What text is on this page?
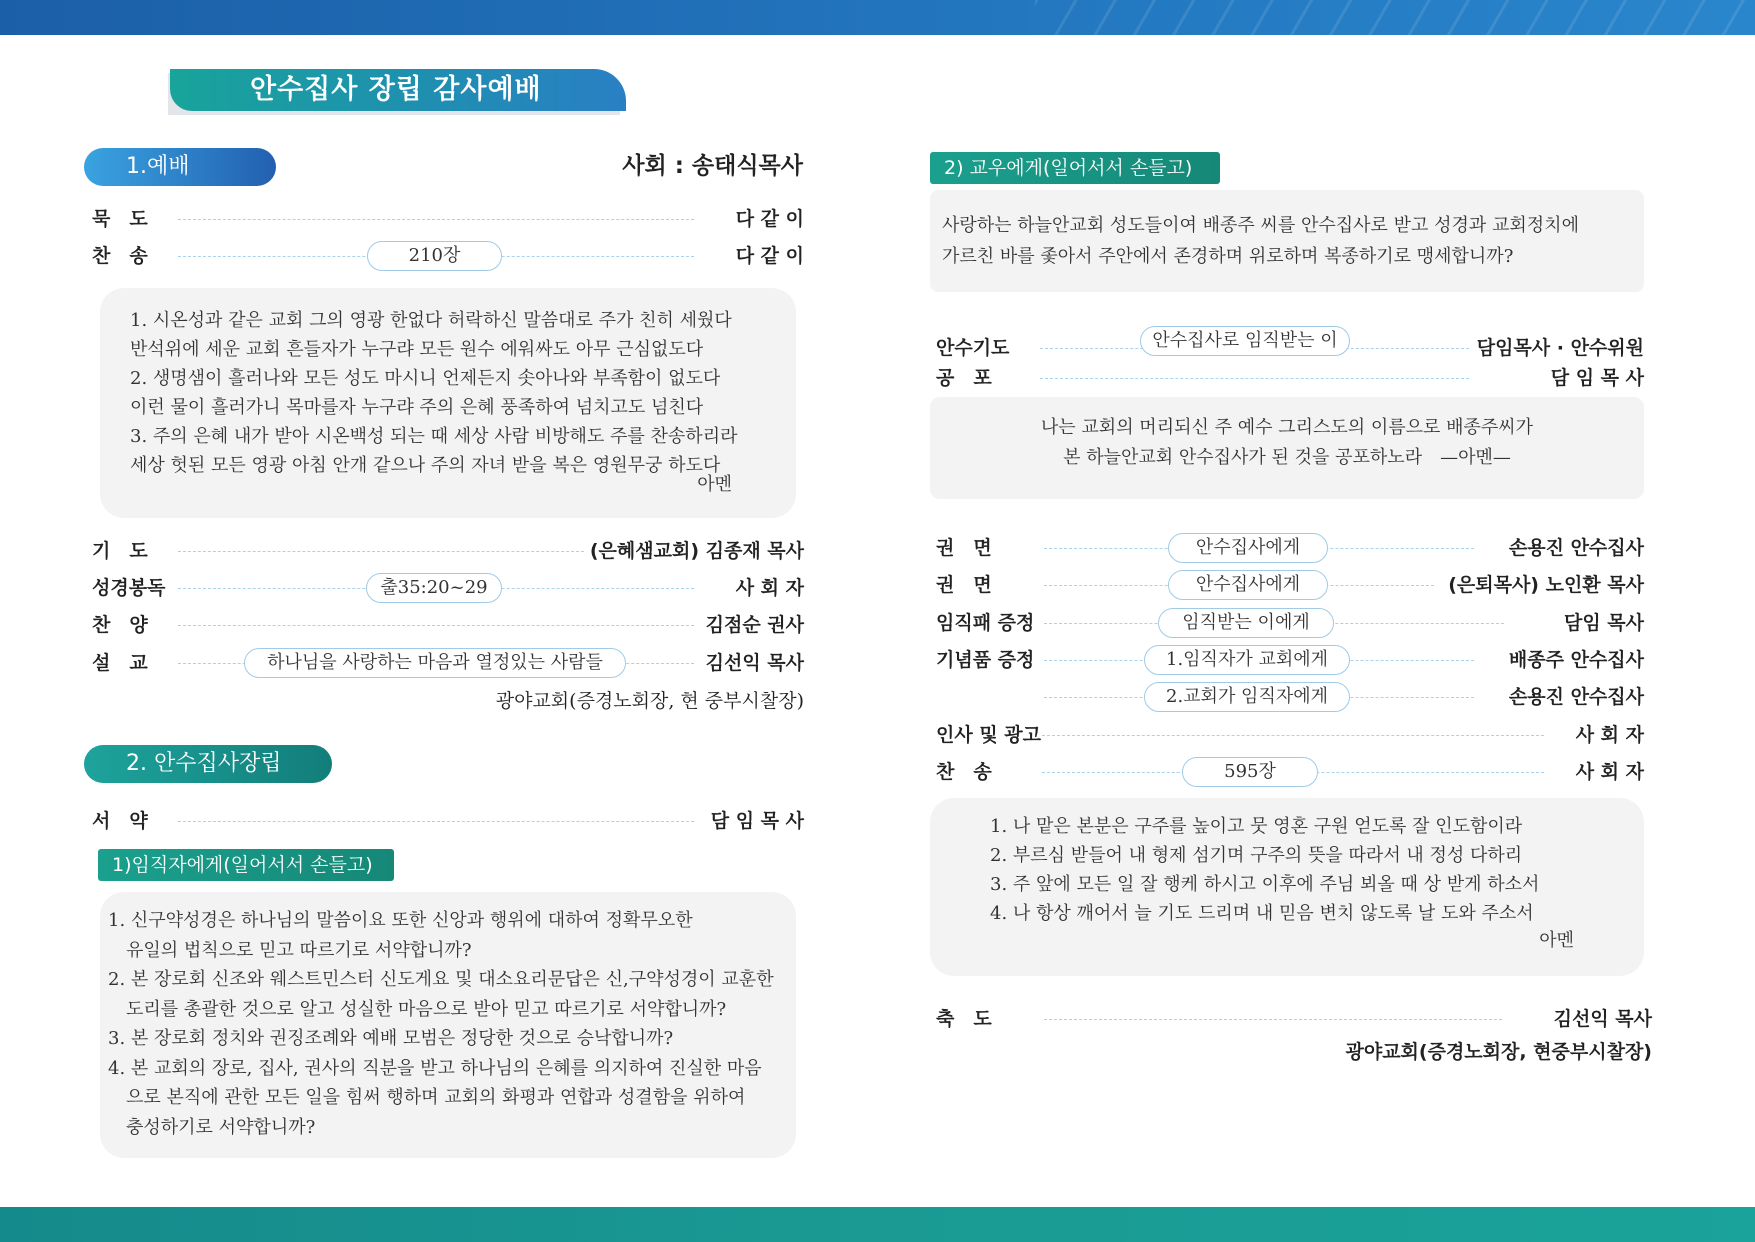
안수집사 장립 감사예배
1.예배	사회 : 송태식목사
묵　도	다 같 이
찬　송	210장	다 같 이
1. 시온성과 같은 교회 그의 영광 한없다 허락하신 말씀대로 주가 친히 세웠다
반석위에 세운 교회 흔들자가 누구랴 모든 원수 에워싸도 아무 근심없도다
2. 생명샘이 흘러나와 모든 성도 마시니 언제든지 솟아나와 부족함이 없도다
이런 물이 흘러가니 목마를자 누구랴 주의 은혜 풍족하여 넘치고도 넘친다
3. 주의 은혜 내가 받아 시온백성 되는 때 세상 사람 비방해도 주를 찬송하리라
세상 헛된 모든 영광 아침 안개 같으나 주의 자녀 받을 복은 영원무궁 하도다
아멘
기　도	(은혜샘교회) 김종재 목사
성경봉독	출35:20~29	사 회 자
찬　양	김점순 권사
설　교	하나님을 사랑하는 마음과 열정있는 사람들	김선익 목사
광야교회(증경노회장, 현 중부시찰장)
2. 안수집사장립
서　약	담 임 목 사
1)임직자에게(일어서서 손들고)
1. 신구약성경은 하나님의 말씀이요 또한 신앙과 행위에 대하여 정확무오한
　유일의 법칙으로 믿고 따르기로 서약합니까?
2. 본 장로회 신조와 웨스트민스터 신도게요 및 대소요리문답은 신,구약성경이 교훈한
　도리를 총괄한 것으로 알고 성실한 마음으로 받아 믿고 따르기로 서약합니까?
3. 본 장로회 정치와 권징조례와 예배 모범은 정당한 것으로 승낙합니까?
4. 본 교회의 장로, 집사, 권사의 직분을 받고 하나님의 은혜를 의지하여 진실한 마음
　으로 본직에 관한 모든 일을 힘써 행하며 교회의 화평과 연합과 성결함을 위하여
　충성하기로 서약합니까?
2) 교우에게(일어서서 손들고)
사랑하는 하늘안교회 성도들이여 배종주 씨를 안수집사로 받고 성경과 교회정치에
가르친 바를 좇아서 주안에서 존경하며 위로하며 복종하기로 맹세합니까?
안수기도	안수집사로 임직받는 이	담임목사 · 안수위원
공　포	담 임 목 사
나는 교회의 머리되신 주 예수 그리스도의 이름으로 배종주씨가
본 하늘안교회 안수집사가 된 것을 공포하노라　—아멘—
권　면	안수집사에게	손용진 안수집사
권　면	안수집사에게	(은퇴목사) 노인환 목사
임직패 증정	임직받는 이에게	담임 목사
기념품 증정	1.임직자가 교회에게	배종주 안수집사
2.교회가 임직자에게	손용진 안수집사
인사 및 광고	사 회 자
찬　송	595장	사 회 자
1. 나 맡은 본분은 구주를 높이고 뭇 영혼 구원 얻도록 잘 인도함이라
2. 부르심 받들어 내 형제 섬기며 구주의 뜻을 따라서 내 정성 다하리
3. 주 앞에 모든 일 잘 행케 하시고 이후에 주님 뵈올 때 상 받게 하소서
4. 나 항상 깨어서 늘 기도 드리며 내 믿음 변치 않도록 날 도와 주소서
아멘
축　도	김선익 목사
광야교회(증경노회장, 현중부시찰장)
